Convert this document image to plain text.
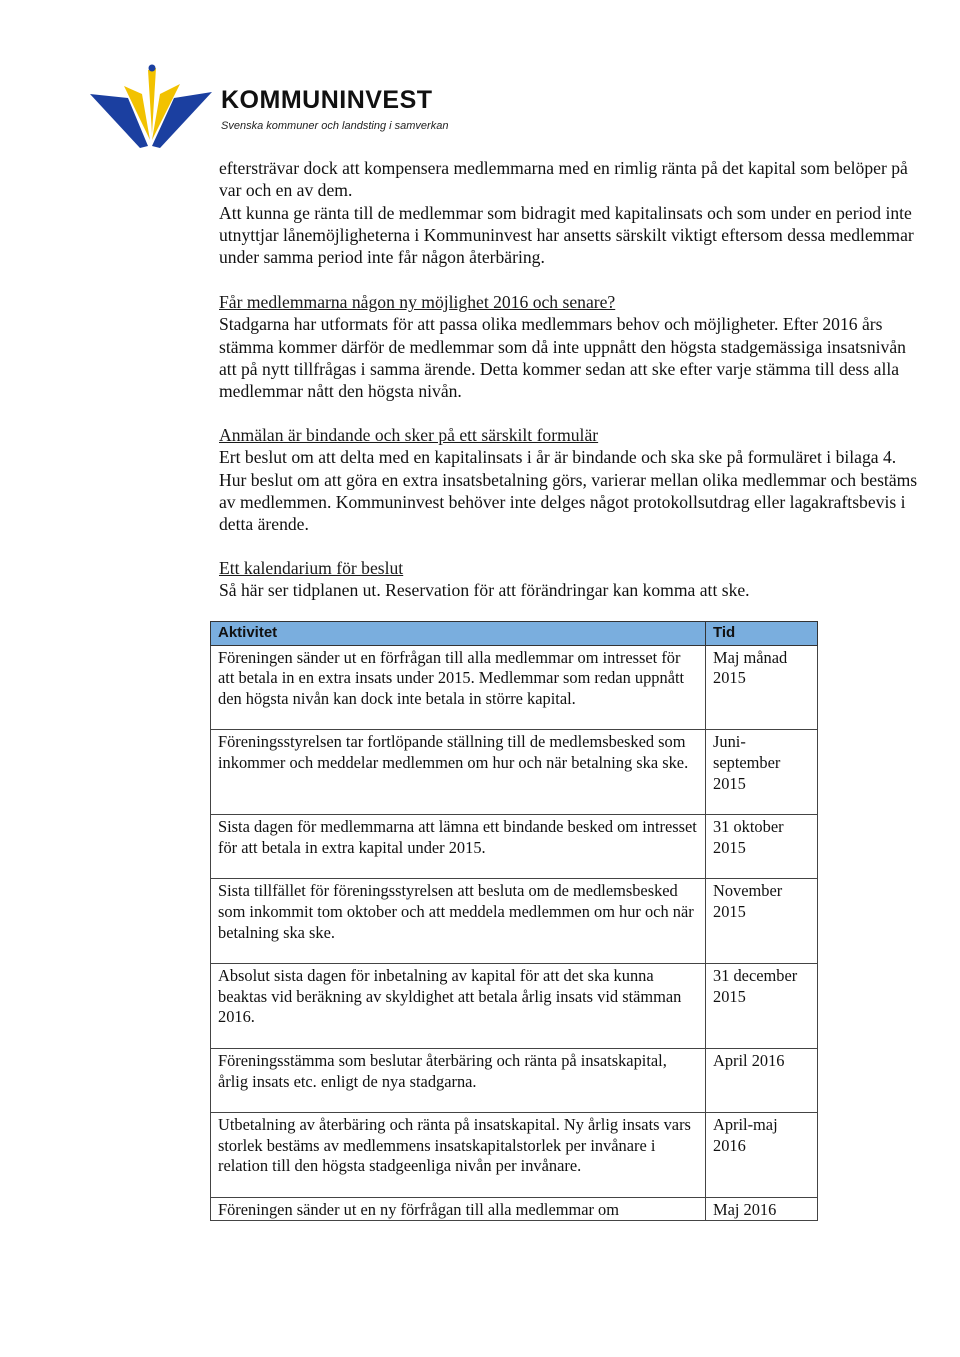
KOMMUNINVEST
Svenska kommuner och landsting i samverkan
eftersträvar dock att kompensera medlemmarna med en rimlig ränta på det kapital som belöper på var och en av dem.
Att kunna ge ränta till de medlemmar som bidragit med kapitalinsats och som under en period inte utnyttjar lånemöjligheterna i Kommuninvest har ansetts särskilt viktigt eftersom dessa medlemmar under samma period inte får någon återbäring.
Får medlemmarna någon ny möjlighet 2016 och senare?
Stadgarna har utformats för att passa olika medlemmars behov och möjligheter. Efter 2016 års stämma kommer därför de medlemmar som då inte uppnått den högsta stadgemässiga insatsnivån att på nytt tillfrågas i samma ärende. Detta kommer sedan att ske efter varje stämma till dess alla medlemmar nått den högsta nivån.
Anmälan är bindande och sker på ett särskilt formulär
Ert beslut om att delta med en kapitalinsats i år är bindande och ska ske på formuläret i bilaga 4. Hur beslut om att göra en extra insatsbetalning görs, varierar mellan olika medlemmar och bestäms av medlemmen. Kommuninvest behöver inte delges något protokollsutdrag eller lagakraftsbevis i detta ärende.
Ett kalendarium för beslut
Så här ser tidplanen ut. Reservation för att förändringar kan komma att ske.
Aktivitet	Tid
Föreningen sänder ut en förfrågan till alla medlemmar om intresset för att betala in en extra insats under 2015. Medlemmar som redan uppnått den högsta nivån kan dock inte betala in större kapital.	Maj månad 2015
Föreningsstyrelsen tar fortlöpande ställning till de medlemsbesked som inkommer och meddelar medlemmen om hur och när betalning ska ske.	Juni-september 2015
Sista dagen för medlemmarna att lämna ett bindande besked om intresset för att betala in extra kapital under 2015.	31 oktober 2015
Sista tillfället för föreningsstyrelsen att besluta om de medlemsbesked som inkommit tom oktober och att meddela medlemmen om hur och när betalning ska ske.	November 2015
Absolut sista dagen för inbetalning av kapital för att det ska kunna beaktas vid beräkning av skyldighet att betala årlig insats vid stämman 2016.	31 december 2015
Föreningsstämma som beslutar återbäring och ränta på insatskapital, årlig insats etc. enligt de nya stadgarna.	April 2016
Utbetalning av återbäring och ränta på insatskapital. Ny årlig insats vars storlek bestäms av medlemmens insatskapitalstorlek per invånare i relation till den högsta stadgeenliga nivån per invånare.	April-maj 2016
Föreningen sänder ut en ny förfrågan till alla medlemmar om	Maj 2016
